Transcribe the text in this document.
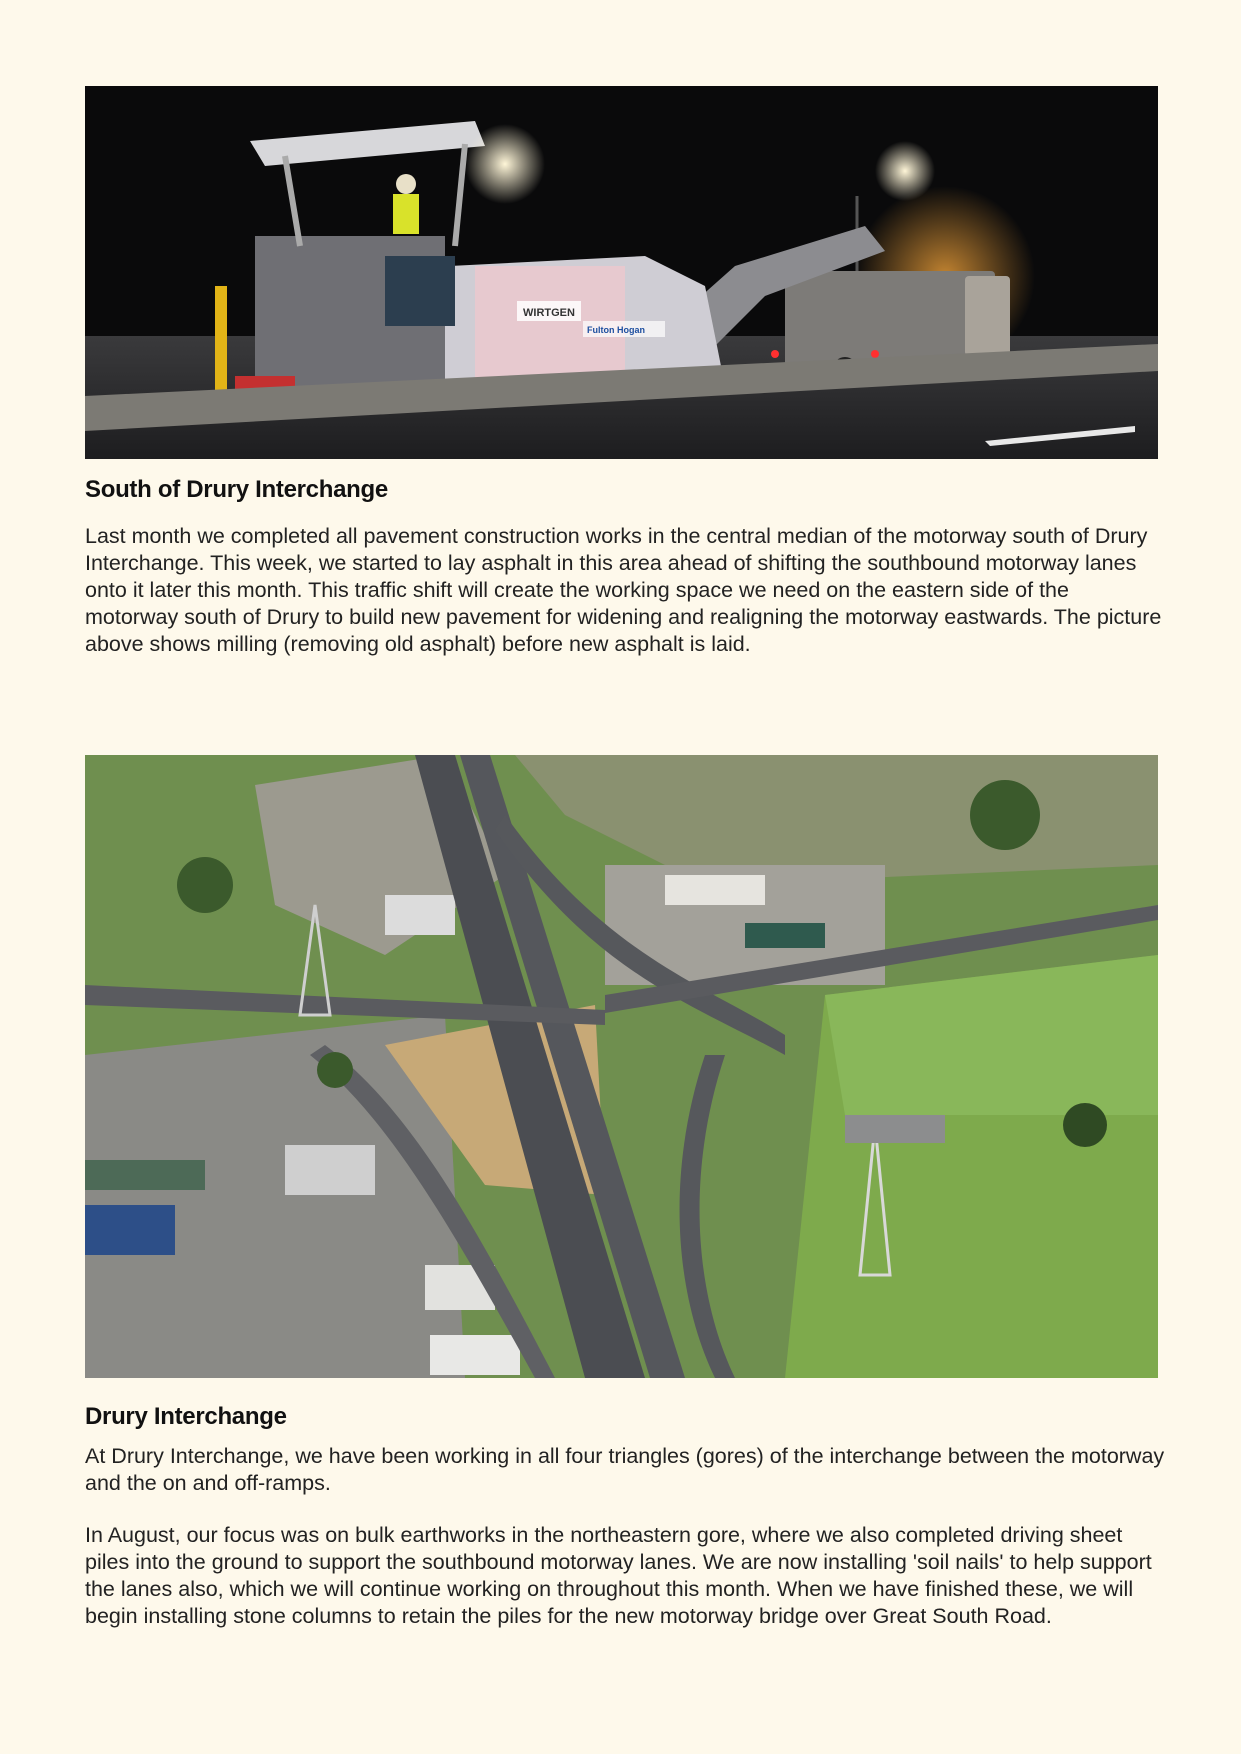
WIRTGEN
Fulton Hogan
South of Drury Interchange

Last month we completed all pavement construction works in the central median of the motorway south of Drury Interchange. This week, we started to lay asphalt in this area ahead of shifting the southbound motorway lanes onto it later this month. This traffic shift will create the working space we need on the eastern side of the motorway south of Drury to build new pavement for widening and realigning the motorway eastwards. The picture above shows milling (removing old asphalt) before new asphalt is laid.

Drury Interchange

At Drury Interchange, we have been working in all four triangles (gores) of the interchange between the motorway and the on and off-ramps.

In August, our focus was on bulk earthworks in the northeastern gore, where we also completed driving sheet piles into the ground to support the southbound motorway lanes. We are now installing 'soil nails' to help support the lanes also, which we will continue working on throughout this month. When we have finished these, we will begin installing stone columns to retain the piles for the new motorway bridge over Great South Road.
